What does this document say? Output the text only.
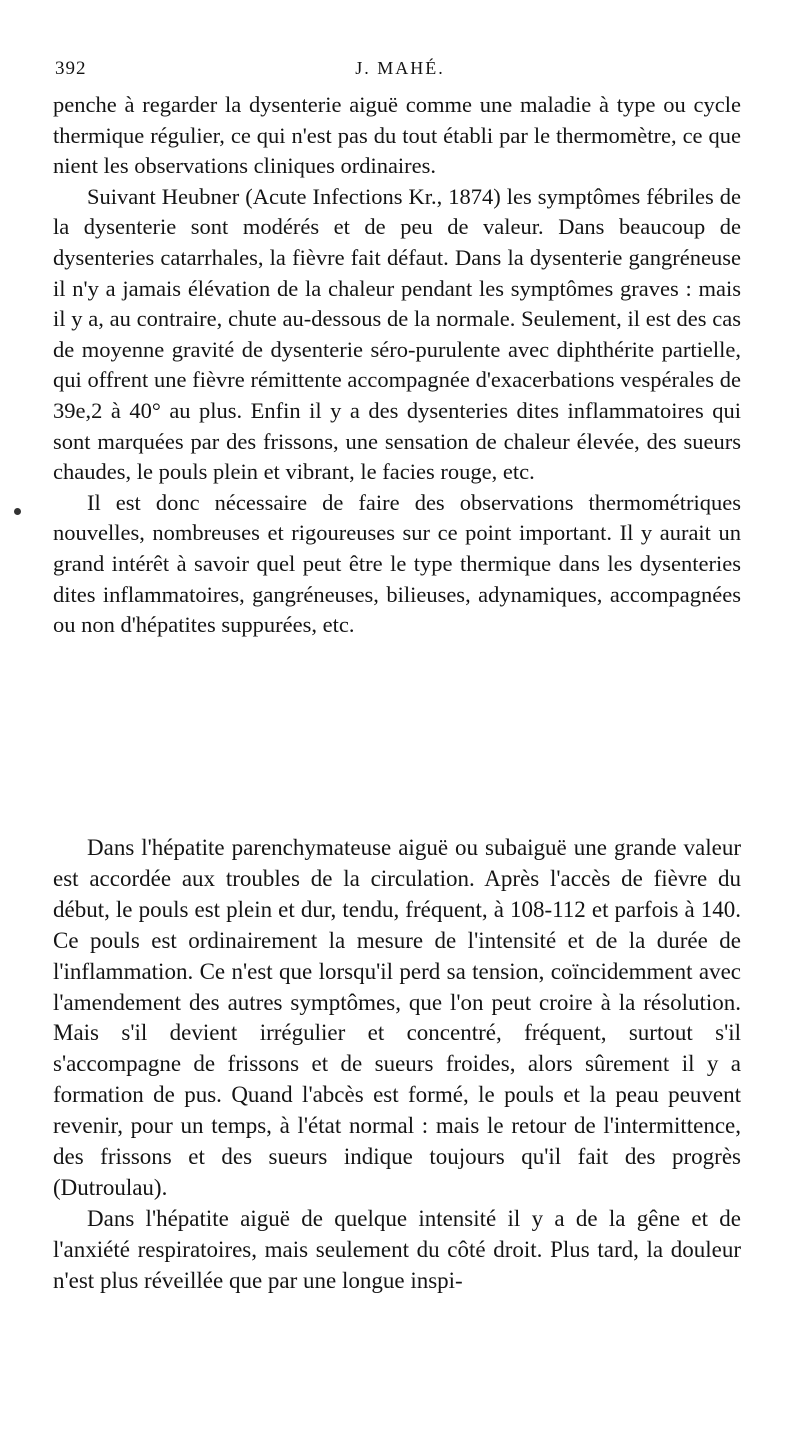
392	J. MAHÉ.

penche à regarder la dysenterie aiguë comme une maladie à type ou cycle thermique régulier, ce qui n'est pas du tout établi par le thermomètre, ce que nient les observations cliniques ordinaires.

Suivant Heubner (Acute Infections Kr., 1874) les symptômes fébriles de la dysenterie sont modérés et de peu de valeur. Dans beaucoup de dysenteries catarrhales, la fièvre fait défaut. Dans la dysenterie gangréneuse il n'y a jamais élévation de la chaleur pendant les symptômes graves : mais il y a, au contraire, chute au-dessous de la normale. Seulement, il est des cas de moyenne gravité de dysenterie séro-purulente avec diphthérite partielle, qui offrent une fièvre rémittente accompagnée d'exacerbations vespérales de 39e,2 à 40° au plus. Enfin il y a des dysenteries dites inflammatoires qui sont marquées par des frissons, une sensation de chaleur élevée, des sueurs chaudes, le pouls plein et vibrant, le facies rouge, etc.

Il est donc nécessaire de faire des observations thermométriques nouvelles, nombreuses et rigoureuses sur ce point important. Il y aurait un grand intérêt à savoir quel peut être le type thermique dans les dysenteries dites inflammatoires, gangréneuses, bilieuses, adynamiques, accompagnées ou non d'hépatites suppurées, etc.

Dans l'hépatite parenchymateuse aiguë ou subaiguë une grande valeur est accordée aux troubles de la circulation. Après l'accès de fièvre du début, le pouls est plein et dur, tendu, fréquent, à 108-112 et parfois à 140. Ce pouls est ordinairement la mesure de l'intensité et de la durée de l'inflammation. Ce n'est que lorsqu'il perd sa tension, coïncidemment avec l'amendement des autres symptômes, que l'on peut croire à la résolution. Mais s'il devient irrégulier et concentré, fréquent, surtout s'il s'accompagne de frissons et de sueurs froides, alors sûrement il y a formation de pus. Quand l'abcès est formé, le pouls et la peau peuvent revenir, pour un temps, à l'état normal : mais le retour de l'intermittence, des frissons et des sueurs indique toujours qu'il fait des progrès (Dutroulau).

Dans l'hépatite aiguë de quelque intensité il y a de la gêne et de l'anxiété respiratoires, mais seulement du côté droit. Plus tard, la douleur n'est plus réveillée que par une longue inspi-
